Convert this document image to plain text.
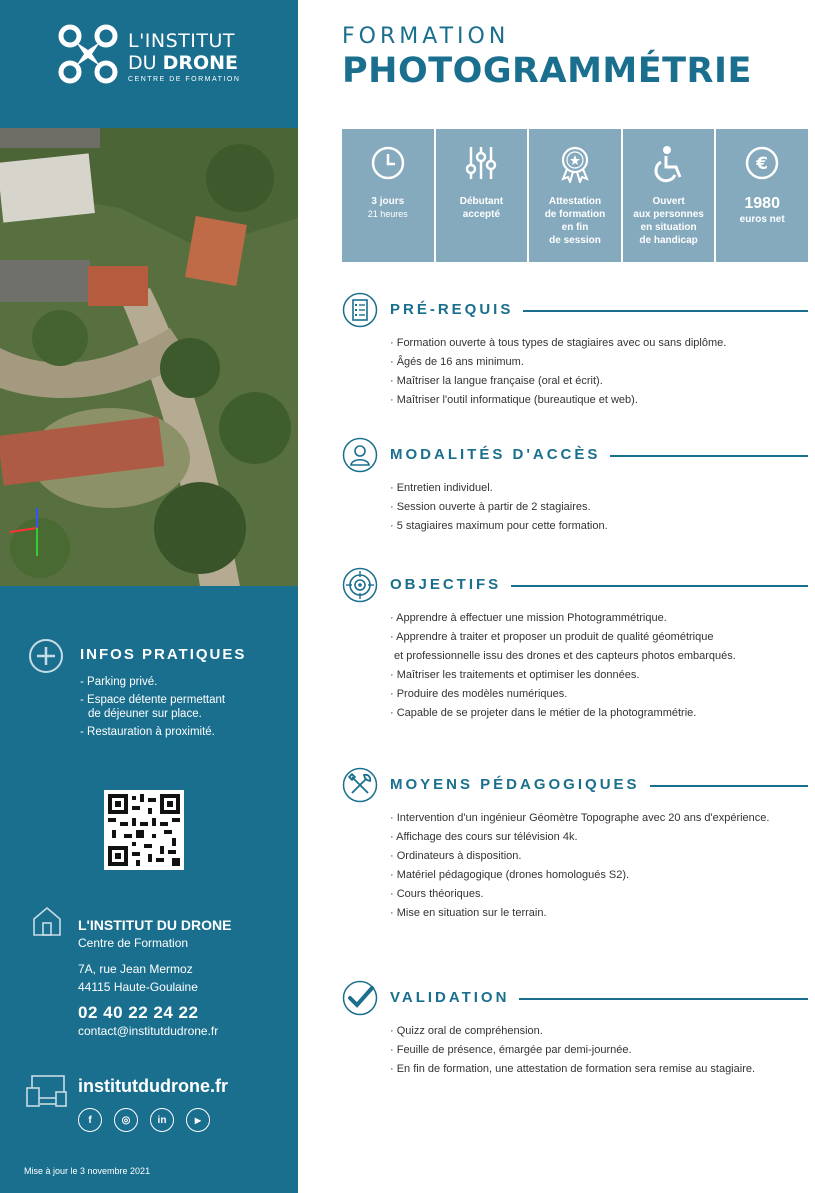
L'INSTITUT
DU DRONE
CENTRE DE FORMATION
INFOS PRATIQUES
- Parking privé.
- Espace détente permettant
de déjeuner sur place.
- Restauration à proximité.
L'INSTITUT DU DRONE
Centre de Formation
7A, rue Jean Mermoz
44115 Haute-Goulaine
02 40 22 24 22
contact@institutdudrone.fr
institutdudrone.fr
f	◎	in	▶
Mise à jour le 3 novembre 2021
FORMATION
PHOTOGRAMMÉTRIE
3 jours
21 heures
Débutant
accepté
Attestation
de formation
en fin
de session
Ouvert
aux personnes
en situation
de handicap
€
1980
euros net
PRÉ-REQUIS
· Formation ouverte à tous types de stagiaires avec ou sans diplôme.
· Âgés de 16 ans minimum.
· Maîtriser la langue française (oral et écrit).
· Maîtriser l'outil informatique (bureautique et web).
MODALITÉS D'ACCÈS
· Entretien individuel.
· Session ouverte à partir de 2 stagiaires.
· 5 stagiaires maximum pour cette formation.
OBJECTIFS
· Apprendre à effectuer une mission Photogrammétrique.
· Apprendre à traiter et proposer un produit de qualité géométrique
et professionnelle issu des drones et des capteurs photos embarqués.
· Maîtriser les traitements et optimiser les données.
· Produire des modèles numériques.
· Capable de se projeter dans le métier de la photogrammétrie.
MOYENS PÉDAGOGIQUES
· Intervention d'un ingénieur Géomètre Topographe avec 20 ans d'expérience.
· Affichage des cours sur télévision 4k.
· Ordinateurs à disposition.
· Matériel pédagogique (drones homologués S2).
· Cours théoriques.
· Mise en situation sur le terrain.
VALIDATION
· Quizz oral de compréhension.
· Feuille de présence, émargée par demi-journée.
· En fin de formation, une attestation de formation sera remise au stagiaire.
